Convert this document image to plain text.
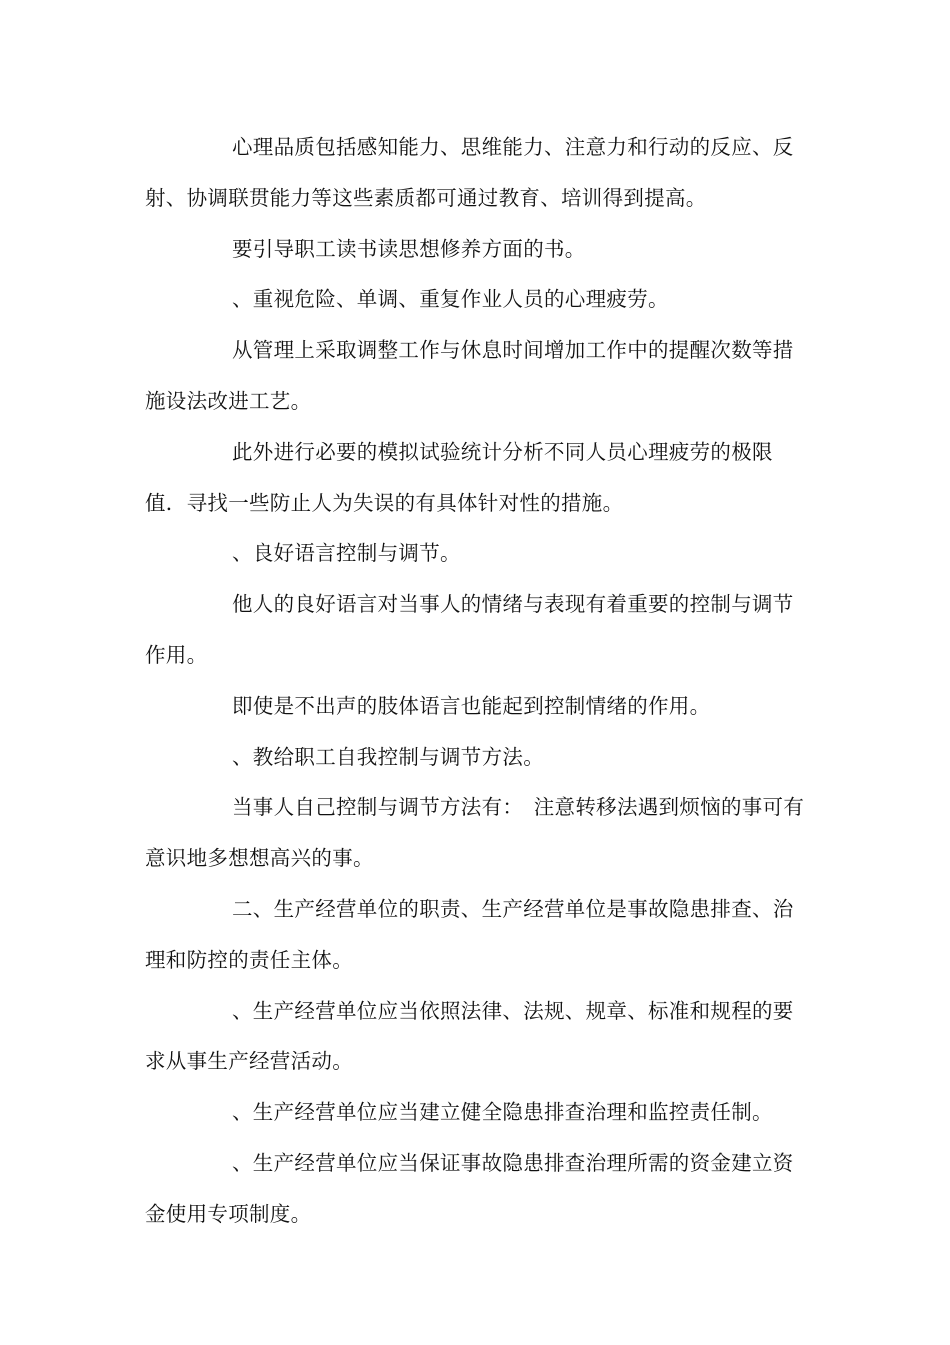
心理品质包括感知能力、思维能力、注意力和行动的反应、反射、协调联贯能力等这些素质都可通过教育、培训得到提高。

要引导职工读书读思想修养方面的书。

、重视危险、单调、重复作业人员的心理疲劳。

从管理上采取调整工作与休息时间增加工作中的提醒次数等措施设法改进工艺。

此外进行必要的模拟试验统计分析不同人员心理疲劳的极限值．寻找一些防止人为失误的有具体针对性的措施。

、良好语言控制与调节。

他人的良好语言对当事人的情绪与表现有着重要的控制与调节作用。

即使是不出声的肢体语言也能起到控制情绪的作用。

、教给职工自我控制与调节方法。

当事人自己控制与调节方法有：　注意转移法遇到烦恼的事可有意识地多想想高兴的事。

二、生产经营单位的职责、生产经营单位是事故隐患排查、治理和防控的责任主体。

、生产经营单位应当依照法律、法规、规章、标准和规程的要求从事生产经营活动。

、生产经营单位应当建立健全隐患排查治理和监控责任制。

、生产经营单位应当保证事故隐患排查治理所需的资金建立资金使用专项制度。
